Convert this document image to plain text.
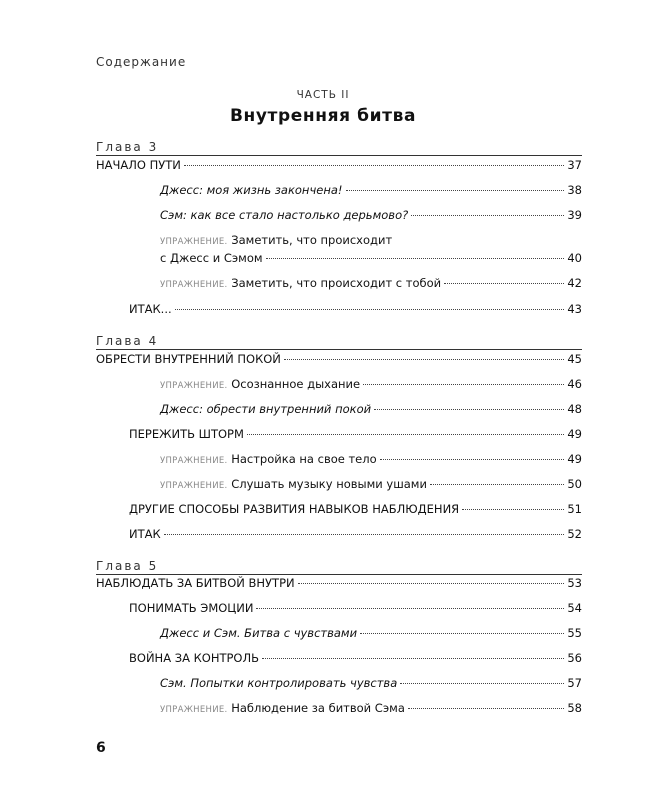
Содержание
ЧАСТЬ II
Внутренняя битва
Глава 3
НАЧАЛО ПУТИ	37
Джесс: моя жизнь закончена!	38
Сэм: как все стало настолько дерьмово?	39
УПРАЖНЕНИЕ. Заметить, что происходит
с Джесс и Сэмом	40
УПРАЖНЕНИЕ. Заметить, что происходит с тобой	42
ИТАК...	43
Глава 4
ОБРЕСТИ ВНУТРЕННИЙ ПОКОЙ	45
УПРАЖНЕНИЕ. Осознанное дыхание	46
Джесс: обрести внутренний покой	48
ПЕРЕЖИТЬ ШТОРМ	49
УПРАЖНЕНИЕ. Настройка на свое тело	49
УПРАЖНЕНИЕ. Слушать музыку новыми ушами	50
ДРУГИЕ СПОСОБЫ РАЗВИТИЯ НАВЫКОВ НАБЛЮДЕНИЯ	51
ИТАК	52
Глава 5
НАБЛЮДАТЬ ЗА БИТВОЙ ВНУТРИ	53
ПОНИМАТЬ ЭМОЦИИ	54
Джесс и Сэм. Битва с чувствами	55
ВОЙНА ЗА КОНТРОЛЬ	56
Сэм. Попытки контролировать чувства	57
УПРАЖНЕНИЕ. Наблюдение за битвой Сэма	58
6
